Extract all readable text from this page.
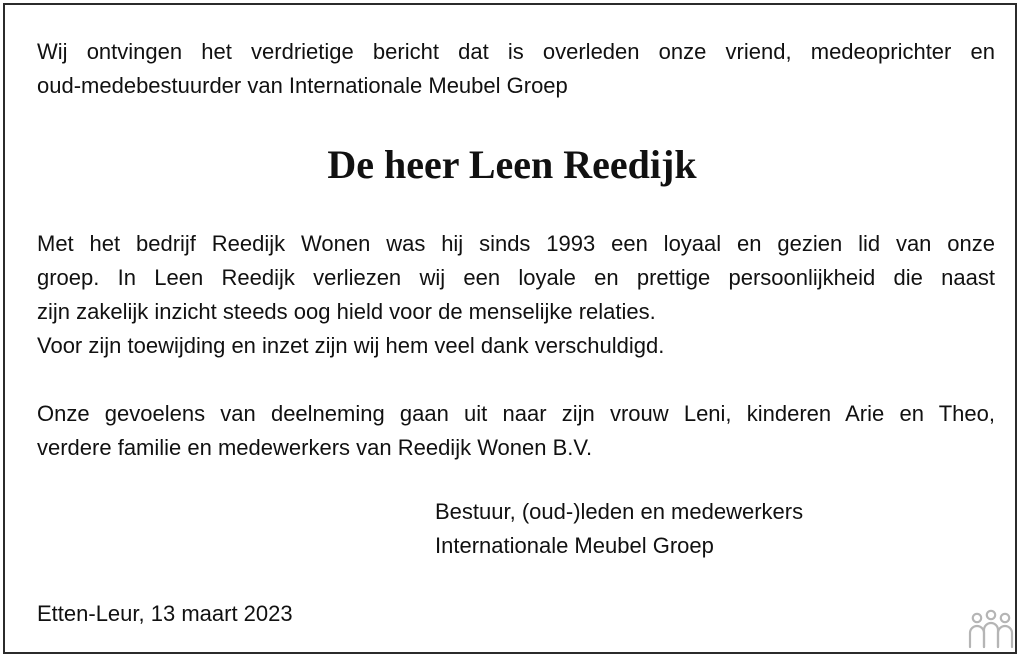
Wij ontvingen het verdrietige bericht dat is overleden onze vriend, medeoprichter en
oud-medebestuurder van Internationale Meubel Groep

De heer Leen Reedijk

Met het bedrijf Reedijk Wonen was hij sinds 1993 een loyaal en gezien lid van onze
groep. In Leen Reedijk verliezen wij een loyale en prettige persoonlijkheid die naast
zijn zakelijk inzicht steeds oog hield voor de menselijke relaties.
Voor zijn toewijding en inzet zijn wij hem veel dank verschuldigd.

Onze gevoelens van deelneming gaan uit naar zijn vrouw Leni, kinderen Arie en Theo,
verdere familie en medewerkers van Reedijk Wonen B.V.

Bestuur, (oud-)leden en medewerkers
Internationale Meubel Groep

Etten-Leur, 13 maart 2023
